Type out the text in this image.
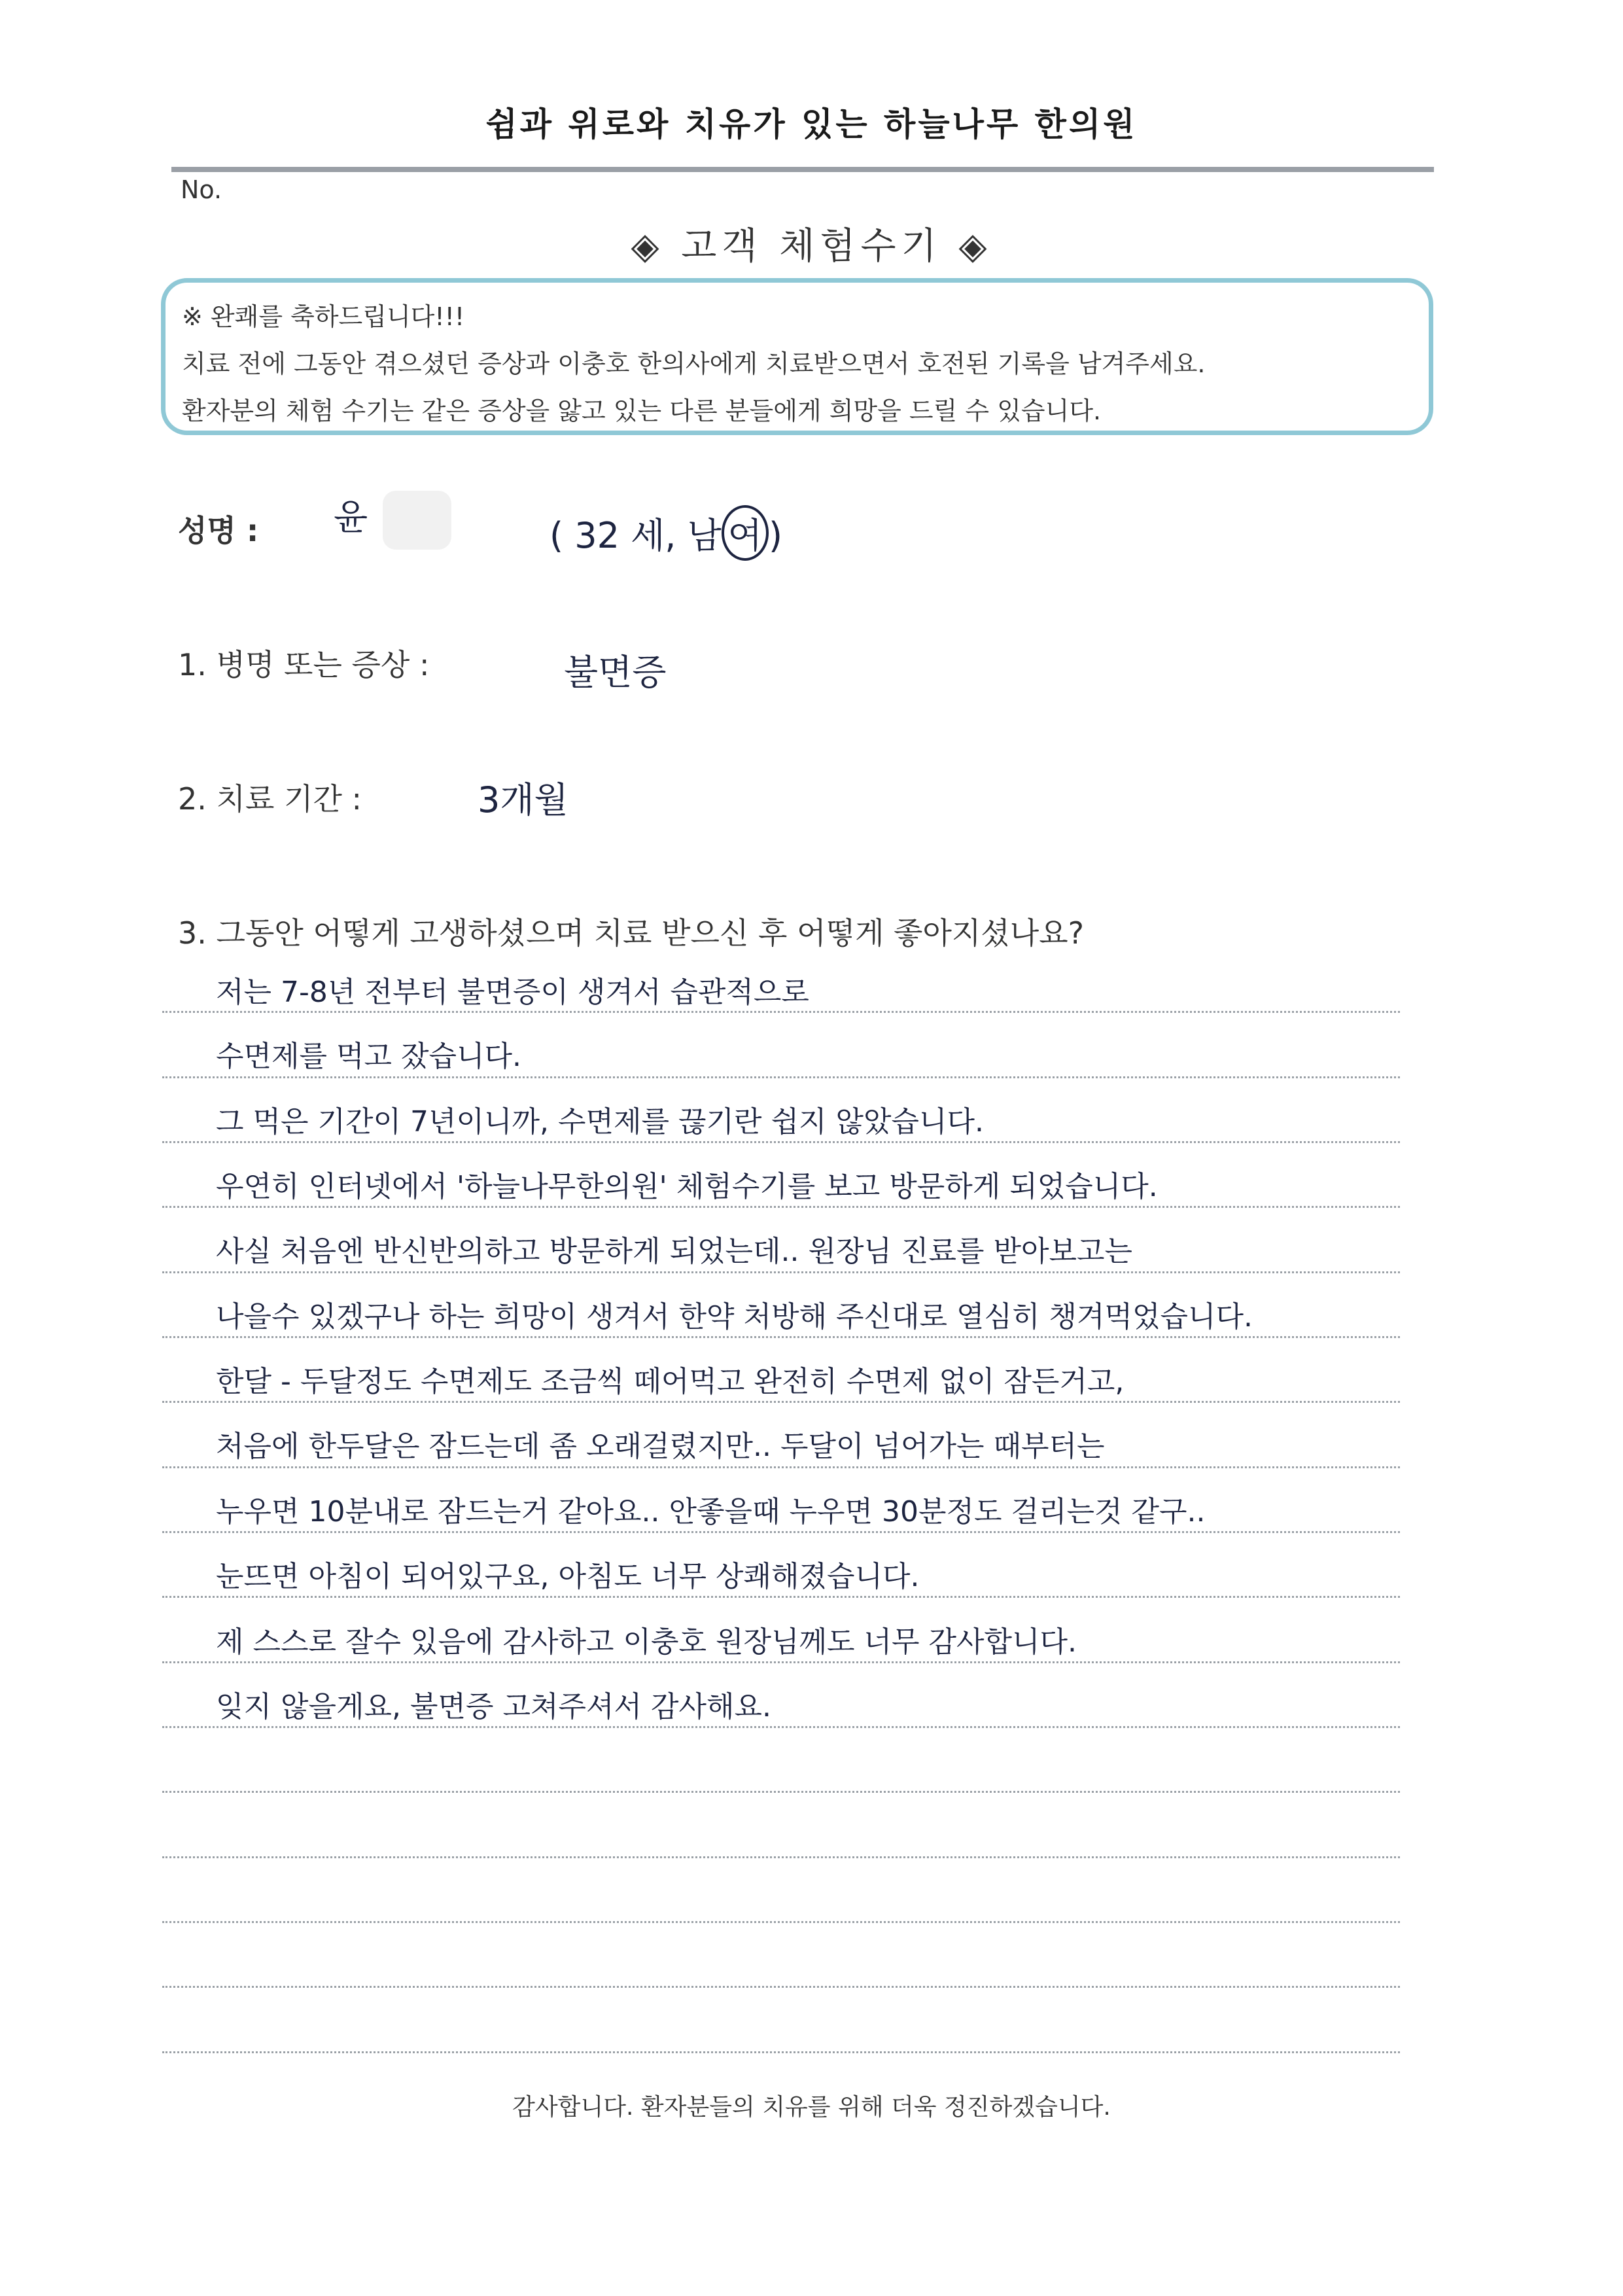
쉼과 위로와 치유가 있는 하늘나무 한의원
No.
◈ 고객 체험수기 ◈
※ 완쾌를 축하드립니다!!!
치료 전에 그동안 겪으셨던 증상과 이충호 한의사에게 치료받으면서 호전된 기록을 남겨주세요.
환자분의 체험 수기는 같은 증상을 앓고 있는 다른 분들에게 희망을 드릴 수 있습니다.
성명 : 윤	( 32 세, 남 여 )
1. 병명 또는 증상 :	불면증
2. 치료 기간 :	3개월
3. 그동안 어떻게 고생하셨으며 치료 받으신 후 어떻게 좋아지셨나요?
저는 7-8년 전부터 불면증이 생겨서 습관적으로
수면제를 먹고 잤습니다.
그 먹은 기간이 7년이니까, 수면제를 끊기란 쉽지 않았습니다.
우연히 인터넷에서 '하늘나무한의원' 체험수기를 보고 방문하게 되었습니다.
사실 처음엔 반신반의하고 방문하게 되었는데.. 원장님 진료를 받아보고는
나을수 있겠구나 하는 희망이 생겨서 한약 처방해 주신대로 열심히 챙겨먹었습니다.
한달 - 두달정도 수면제도 조금씩 떼어먹고 완전히 수면제 없이 잠든거고,
처음에 한두달은 잠드는데 좀 오래걸렸지만.. 두달이 넘어가는 때부터는
누우면 10분내로 잠드는거 같아요.. 안좋을때 누우면 30분정도 걸리는것 같구..
눈뜨면 아침이 되어있구요, 아침도 너무 상쾌해졌습니다.
제 스스로 잘수 있음에 감사하고 이충호 원장님께도 너무 감사합니다.
잊지 않을게요, 불면증 고쳐주셔서 감사해요.
감사합니다. 환자분들의 치유를 위해 더욱 정진하겠습니다.
